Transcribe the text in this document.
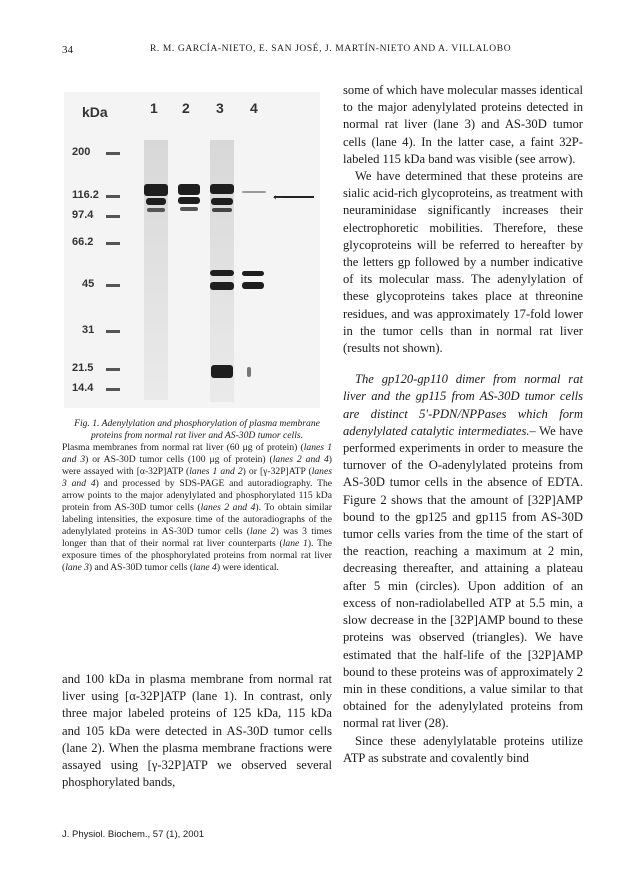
34	R. M. GARCÍA-NIETO, E. SAN JOSÉ, J. MARTÍN-NIETO AND A. VILLALOBO
kDa	1 2 3 4
200
116.2
97.4
66.2
45
31
21.5
14.4
←
Fig. 1. Adenylylation and phosphorylation of plasma membrane proteins from normal rat liver and AS-30D tumor cells.
Plasma membranes from normal rat liver (60 μg of protein) (lanes 1 and 3) or AS-30D tumor cells (100 μg of protein) (lanes 2 and 4) were assayed with [α-32P]ATP (lanes 1 and 2) or [γ-32P]ATP (lanes 3 and 4) and processed by SDS-PAGE and autoradiography. The arrow points to the major adenylylated and phosphorylated 115 kDa protein from AS-30D tumor cells (lanes 2 and 4). To obtain similar labeling intensities, the exposure time of the autoradiographs of the adenylylated proteins in AS-30D tumor cells (lane 2) was 3 times longer than that of their normal rat liver counterparts (lane 1). The exposure times of the phosphorylated proteins from normal rat liver (lane 3) and AS-30D tumor cells (lane 4) were identical.

and 100 kDa in plasma membrane from normal rat liver using [α-32P]ATP (lane 1). In contrast, only three major labeled proteins of 125 kDa, 115 kDa and 105 kDa were detected in AS-30D tumor cells (lane 2). When the plasma membrane fractions were assayed using [γ-32P]ATP we observed several phosphorylated bands,

some of which have molecular masses identical to the major adenylylated proteins detected in normal rat liver (lane 3) and AS-30D tumor cells (lane 4). In the latter case, a faint 32P-labeled 115 kDa band was visible (see arrow).

We have determined that these proteins are sialic acid-rich glycoproteins, as treatment with neuraminidase significantly increases their electrophoretic mobilities. Therefore, these glycoproteins will be referred to hereafter by the letters gp followed by a number indicative of its molecular mass. The adenylylation of these glycoproteins takes place at threonine residues, and was approximately 17-fold lower in the tumor cells than in normal rat liver (results not shown).

The gp120-gp110 dimer from normal rat liver and the gp115 from AS-30D tumor cells are distinct 5'-PDN/NPPases which form adenylylated catalytic intermediates.– We have performed experiments in order to measure the turnover of the O-adenylylated proteins from AS-30D tumor cells in the absence of EDTA. Figure 2 shows that the amount of [32P]AMP bound to the gp125 and gp115 from AS-30D tumor cells varies from the time of the start of the reaction, reaching a maximum at 2 min, decreasing thereafter, and attaining a plateau after 5 min (circles). Upon addition of an excess of non-radiolabelled ATP at 5.5 min, a slow decrease in the [32P]AMP bound to these proteins was observed (triangles). We have estimated that the half-life of the [32P]AMP bound to these proteins was of approximately 2 min in these conditions, a value similar to that obtained for the adenylylated proteins from normal rat liver (28).

Since these adenylylatable proteins utilize ATP as substrate and covalently bind

J. Physiol. Biochem., 57 (1), 2001
